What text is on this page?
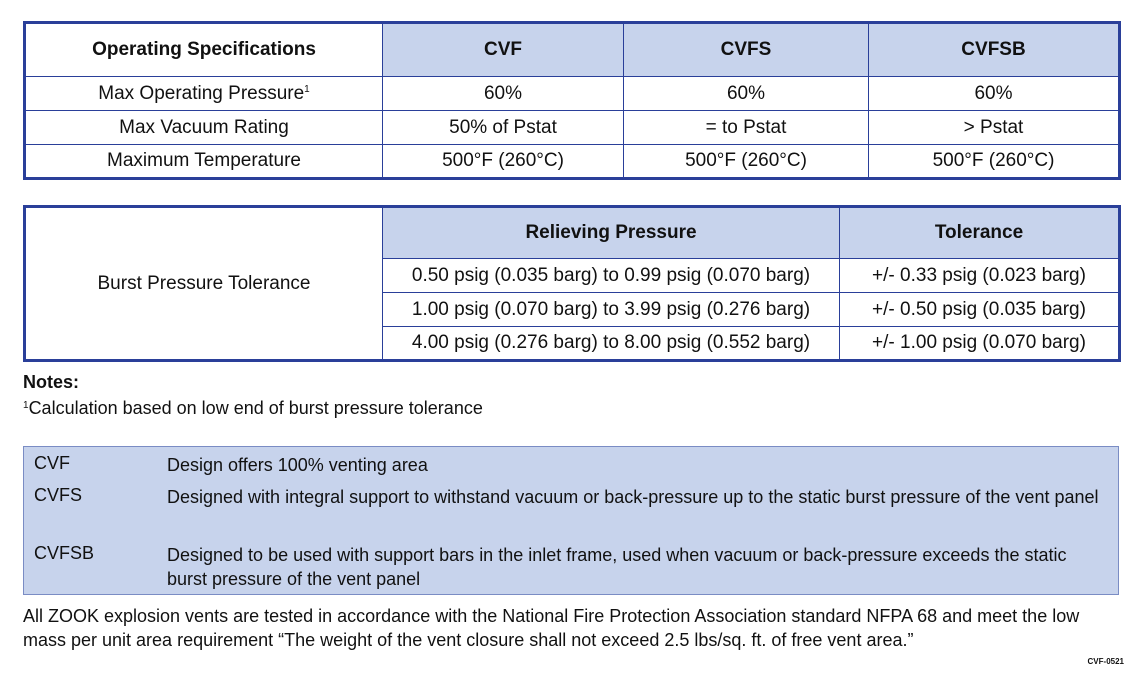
Operating Specifications	CVF	CVFS	CVFSB
Max Operating Pressure$^1$	60%	60%	60%
Max Vacuum Rating	50% of Pstat	= to Pstat	> Pstat
Maximum Temperature	500°F (260°C)	500°F (260°C)	500°F (260°C)
Burst Pressure Tolerance	Relieving Pressure	Tolerance
	0.50 psig (0.035 barg) to 0.99 psig (0.070 barg)	+/- 0.33 psig (0.023 barg)
	1.00 psig (0.070 barg) to 3.99 psig (0.276 barg)	+/- 0.50 psig (0.035 barg)
	4.00 psig (0.276 barg) to 8.00 psig (0.552 barg)	+/- 1.00 psig (0.070 barg)
Notes:
$^1$Calculation based on low end of burst pressure tolerance
CVF	Design offers 100% venting area
CVFS	Designed with integral support to withstand vacuum or back-pressure up to the static burst pressure of the vent panel
CVFSB	Designed to be used with support bars in the inlet frame, used when vacuum or back-pressure exceeds the static burst pressure of the vent panel
All ZOOK explosion vents are tested in accordance with the National Fire Protection Association standard NFPA 68 and meet the low mass per unit area requirement “The weight of the vent closure shall not exceed 2.5 lbs/sq. ft. of free vent area.”
CVF-0521
